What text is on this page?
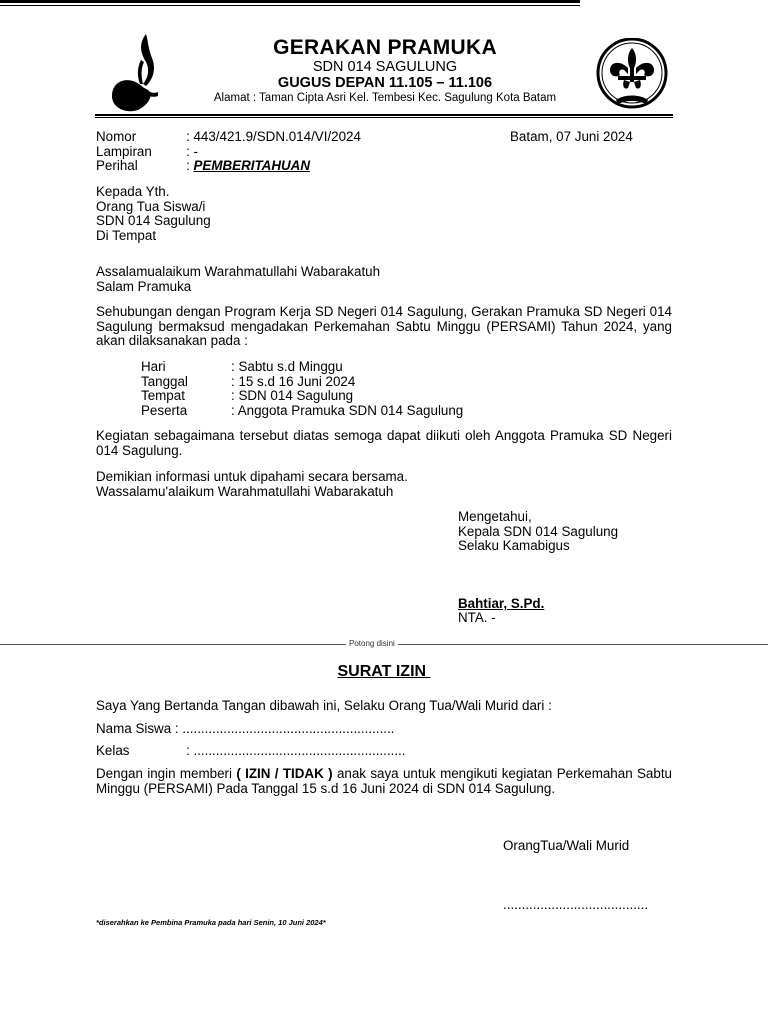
GERAKAN PRAMUKA
SDN 014 SAGULUNG
GUGUS DEPAN 11.105 – 11.106
Alamat : Taman Cipta Asri Kel. Tembesi Kec. Sagulung Kota Batam
Nomor	: 443/421.9/SDN.014/VI/2024	Batam, 07 Juni 2024
Lampiran	: -
Perihal	: PEMBERITAHUAN
Kepada Yth.
Orang Tua Siswa/i
SDN 014 Sagulung
Di Tempat
Assalamualaikum Warahmatullahi Wabarakatuh
Salam Pramuka
Sehubungan dengan Program Kerja SD Negeri 014 Sagulung, Gerakan Pramuka SD Negeri 014 Sagulung bermaksud mengadakan Perkemahan Sabtu Minggu (PERSAMI) Tahun 2024, yang akan dilaksanakan pada :
Hari	: Sabtu s.d Minggu
Tanggal	: 15 s.d 16 Juni 2024
Tempat	: SDN 014 Sagulung
Peserta	: Anggota Pramuka SDN 014 Sagulung
Kegiatan sebagaimana tersebut diatas semoga dapat diikuti oleh Anggota Pramuka SD Negeri 014 Sagulung.
Demikian informasi untuk dipahami secara bersama.
Wassalamu'alaikum Warahmatullahi Wabarakatuh
Mengetahui,
Kepala SDN 014 Sagulung
Selaku Kamabigus
Bahtiar, S.Pd.
NTA. -
Potong disini
SURAT IZIN
Saya Yang Bertanda Tangan dibawah ini, Selaku Orang Tua/Wali Murid dari :
Nama Siswa : .........................................................
Kelas	: .........................................................
Dengan ingin memberi ( IZIN / TIDAK ) anak saya untuk mengikuti kegiatan Perkemahan Sabtu Minggu (PERSAMI) Pada Tanggal 15 s.d 16 Juni 2024 di SDN 014 Sagulung.
OrangTua/Wali Murid
.......................................
*diserahkan ke Pembina Pramuka pada hari Senin, 10 Juni 2024*
